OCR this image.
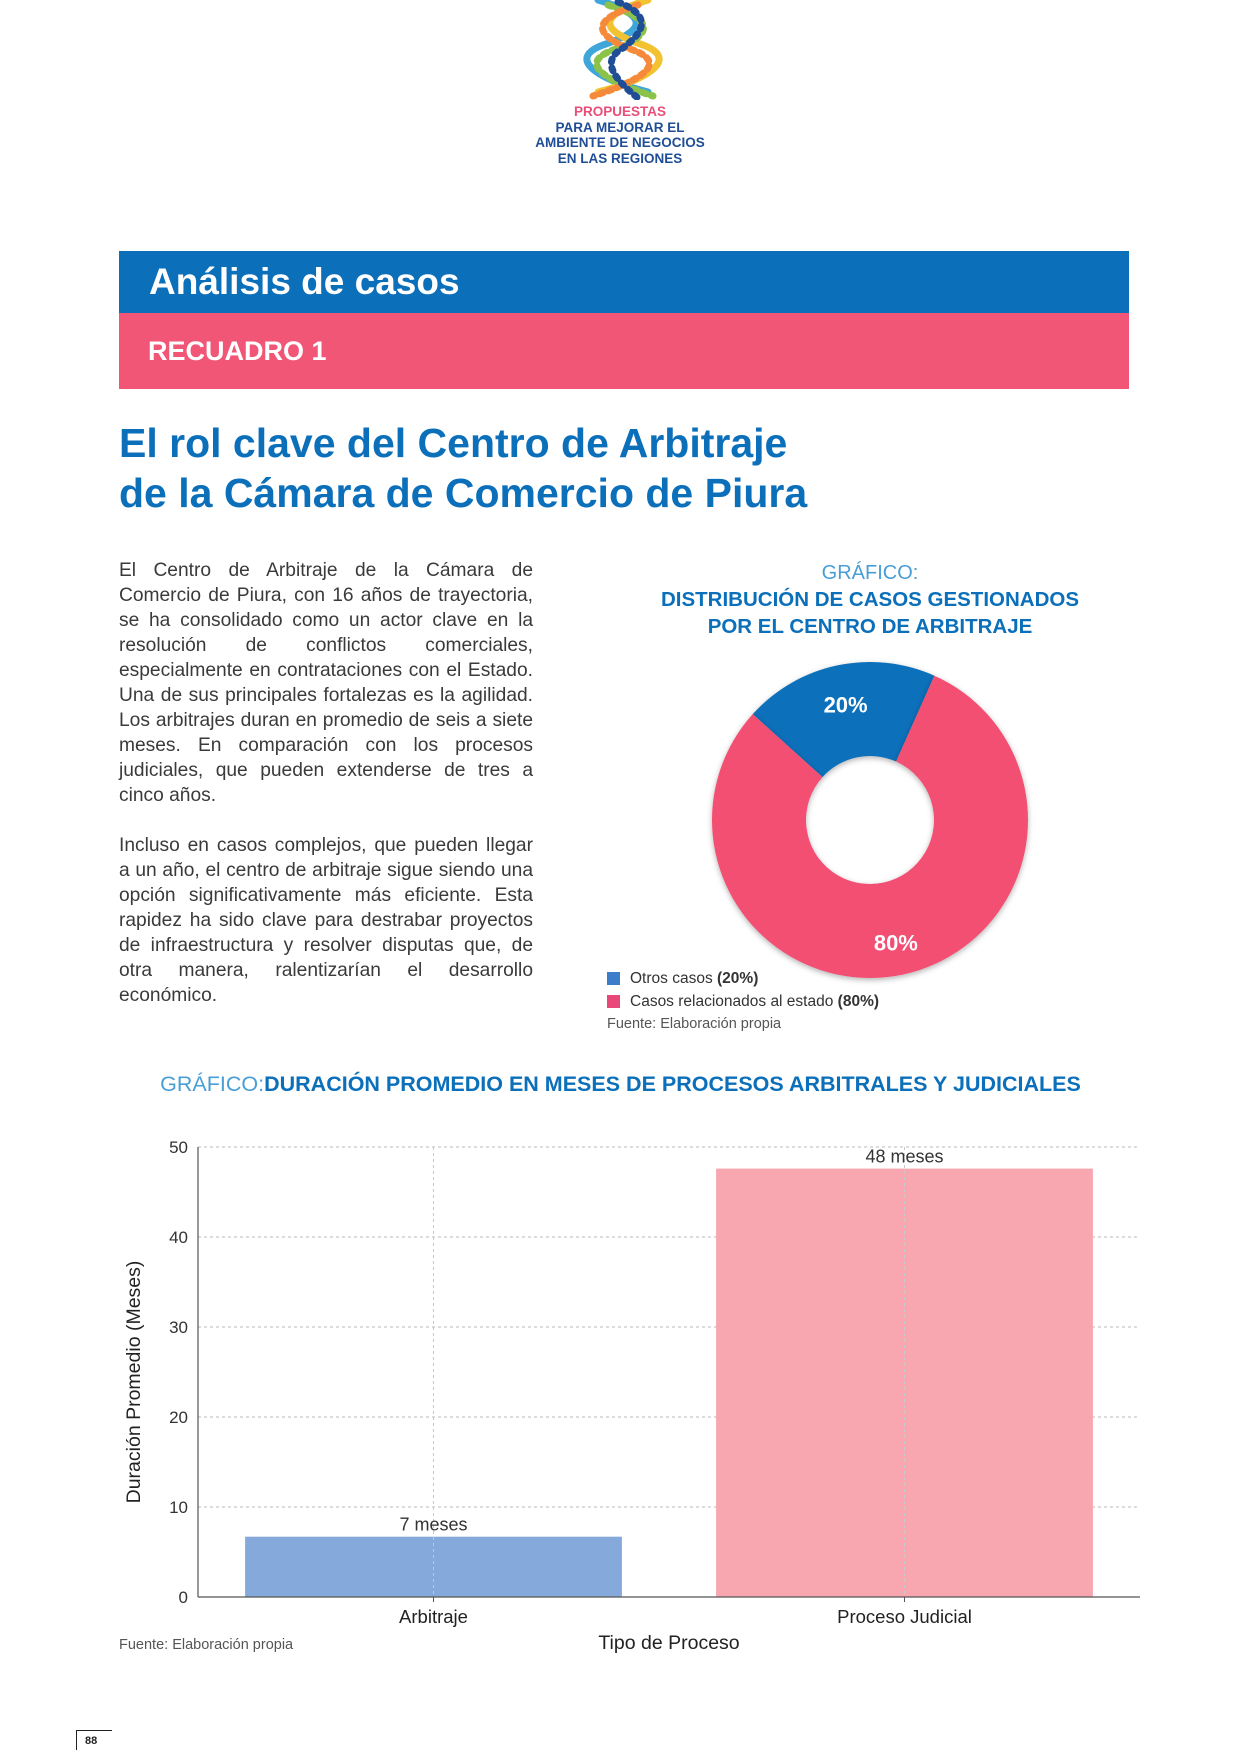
PROPUESTAS
PARA MEJORAR EL
AMBIENTE DE NEGOCIOS
EN LAS REGIONES
Análisis de casos
RECUADRO 1
El rol clave del Centro de Arbitraje
de la Cámara de Comercio de Piura

El Centro de Arbitraje de la Cámara de Comercio de Piura, con 16 años de trayectoria, se ha consolidado como un actor clave en la resolución de conflictos comerciales, especialmente en contrataciones con el Estado. Una de sus principales fortalezas es la agilidad. Los arbitrajes duran en promedio de seis a siete meses. En comparación con los procesos judiciales, que pueden extenderse de tres a cinco años.

Incluso en casos complejos, que pueden llegar a un año, el centro de arbitraje sigue siendo una opción significativamente más eficiente. Esta rapidez ha sido clave para destrabar proyectos de infraestructura y resolver disputas que, de otra manera, ralentizarían el desarrollo económico.

GRÁFICO:
DISTRIBUCIÓN DE CASOS GESTIONADOS
POR EL CENTRO DE ARBITRAJE
20%
80%
Otros casos
(20%)
Casos relacionados al estado
(80%)
Fuente: Elaboración propia
GRÁFICO:DURACIÓN PROMEDIO EN MESES DE PROCESOS ARBITRALES Y JUDICIALES
0
10
20
30
40
50
7 meses
Arbitraje
48 meses
Proceso Judicial
Tipo de Proceso
Duración Promedio (Meses)
Fuente: Elaboración propia
88
